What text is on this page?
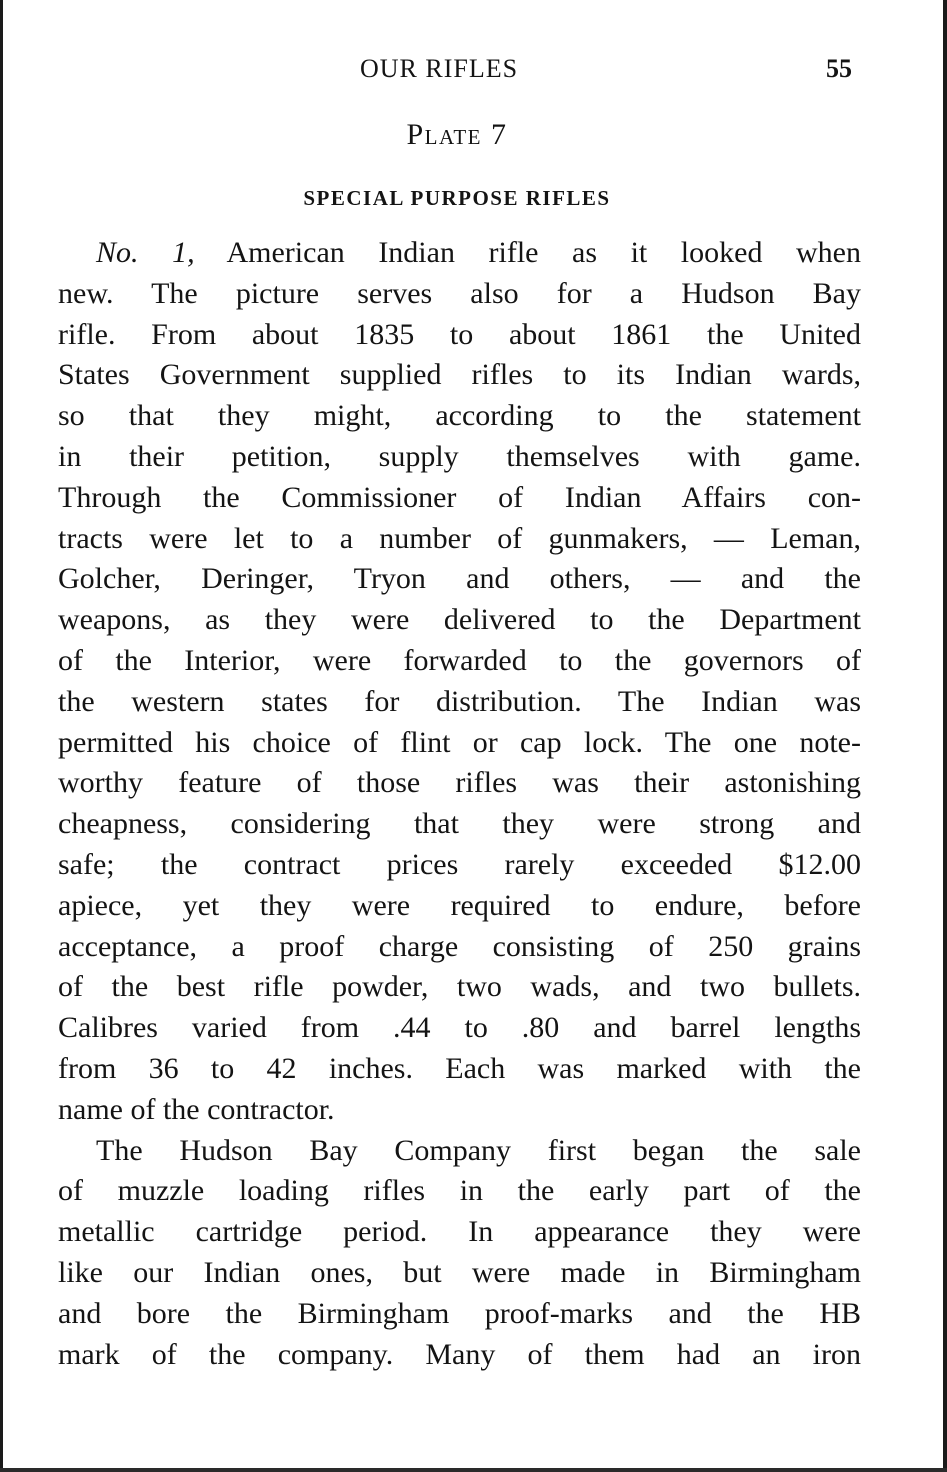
OUR RIFLES	55
Plate 7
SPECIAL PURPOSE RIFLES
No. 1, American Indian rifle as it looked when
new. The picture serves also for a Hudson Bay
rifle. From about 1835 to about 1861 the United
States Government supplied rifles to its Indian wards,
so that they might, according to the statement
in their petition, supply themselves with game.
Through the Commissioner of Indian Affairs con-
tracts were let to a number of gunmakers, — Leman,
Golcher, Deringer, Tryon and others, — and the
weapons, as they were delivered to the Department
of the Interior, were forwarded to the governors of
the western states for distribution. The Indian was
permitted his choice of flint or cap lock. The one note-
worthy feature of those rifles was their astonishing
cheapness, considering that they were strong and
safe; the contract prices rarely exceeded $12.00
apiece, yet they were required to endure, before
acceptance, a proof charge consisting of 250 grains
of the best rifle powder, two wads, and two bullets.
Calibres varied from .44 to .80 and barrel lengths
from 36 to 42 inches. Each was marked with the
name of the contractor.
The Hudson Bay Company first began the sale
of muzzle loading rifles in the early part of the
metallic cartridge period. In appearance they were
like our Indian ones, but were made in Birmingham
and bore the Birmingham proof-marks and the HB
mark of the company. Many of them had an iron
